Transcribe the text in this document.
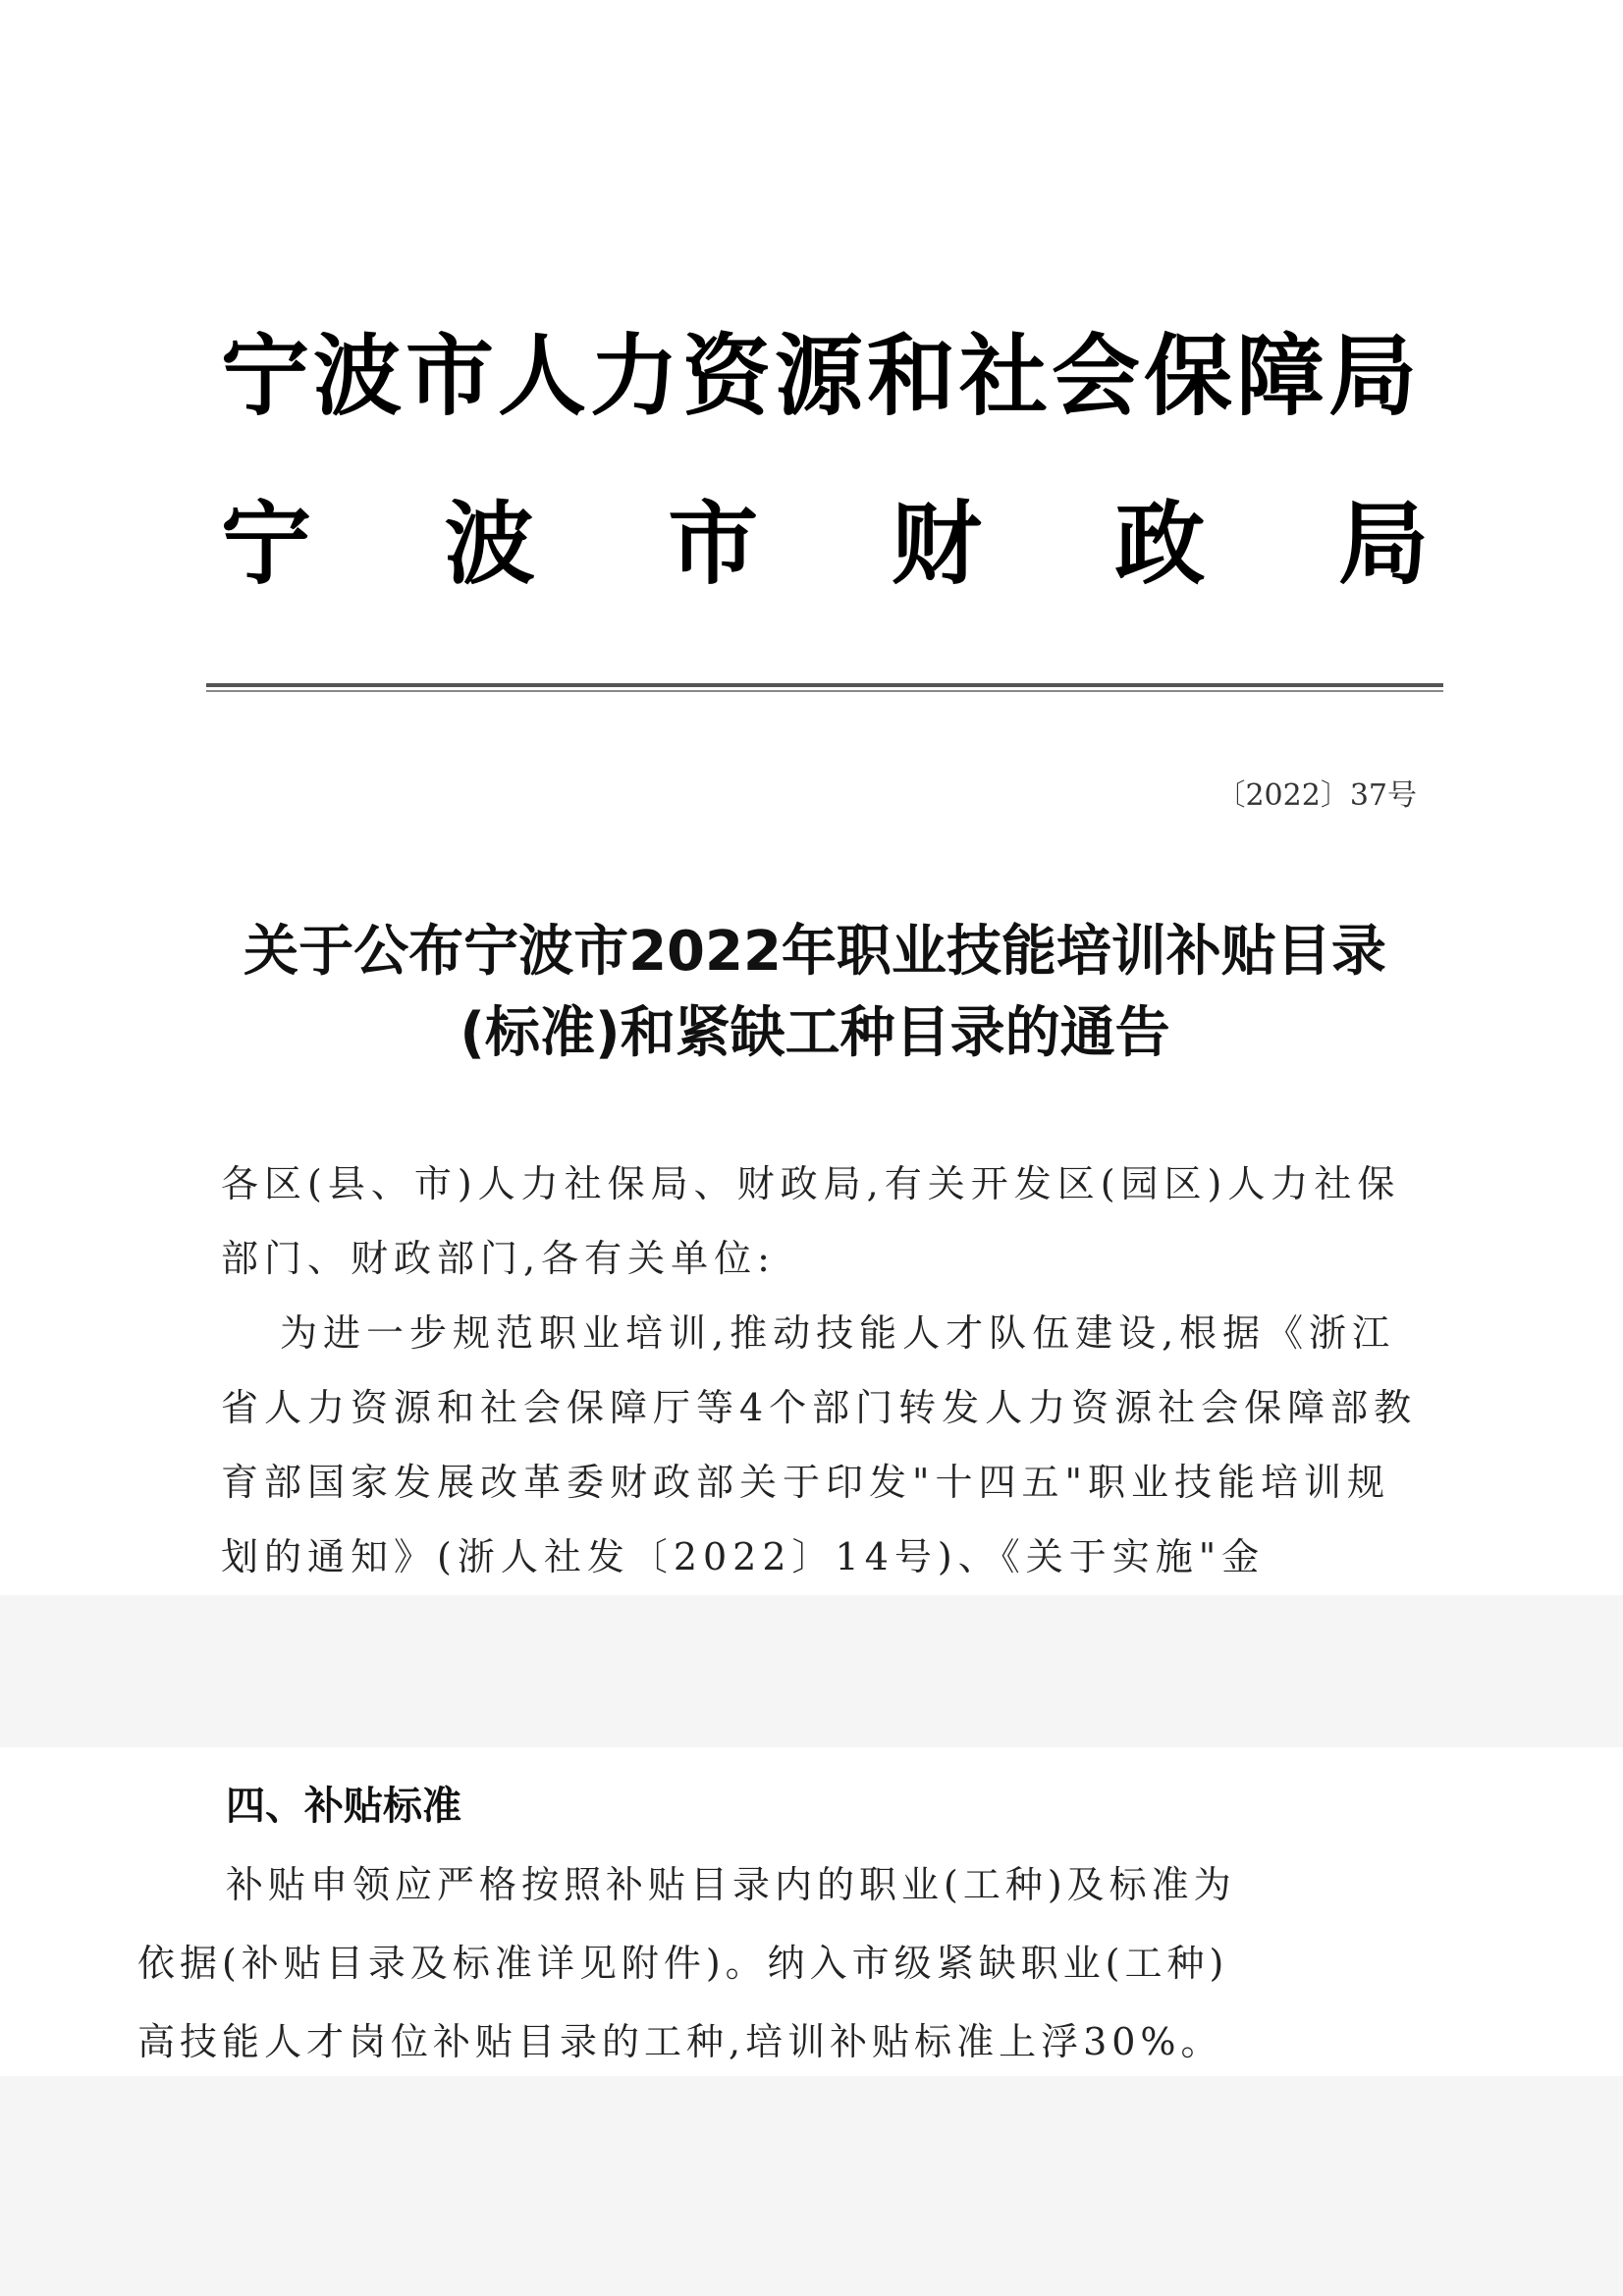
宁波市人力资源和社会保障局
宁 波 市 财 政 局
〔2022〕37号
关于公布宁波市2022年职业技能培训补贴目录
(标准)和紧缺工种目录的通告
各区(县、市)人力社保局、财政局,有关开发区(园区)人力社保部门、财政部门,各有关单位:
为进一步规范职业培训,推动技能人才队伍建设,根据《浙江省人力资源和社会保障厅等4个部门转发人力资源社会保障部教育部国家发展改革委财政部关于印发"十四五"职业技能培训规划的通知》(浙人社发〔2022〕14号)、《关于实施"金
四、补贴标准
补贴申领应严格按照补贴目录内的职业(工种)及标准为
依据(补贴目录及标准详见附件)。纳入市级紧缺职业(工种)
高技能人才岗位补贴目录的工种,培训补贴标准上浮30%。
